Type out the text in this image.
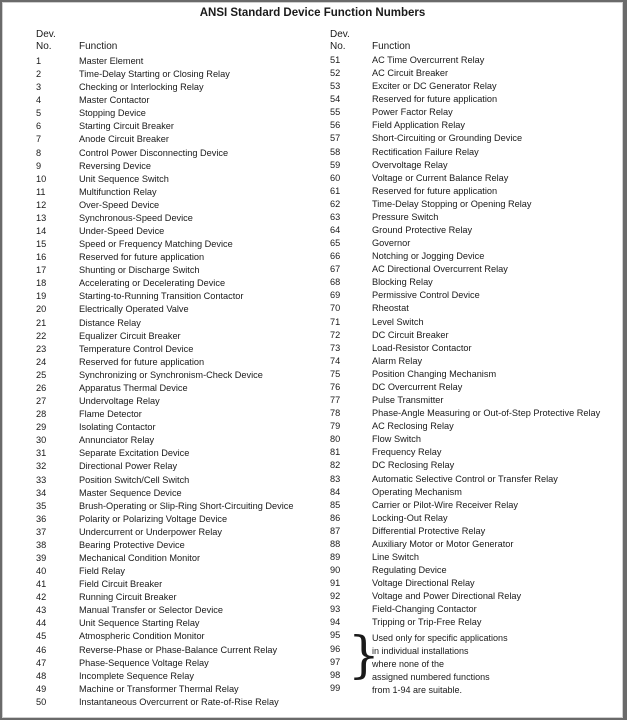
ANSI Standard Device Function Numbers
Dev.
No.	Function
1	Master Element
2	Time-Delay Starting or Closing Relay
3	Checking or Interlocking Relay
4	Master Contactor
5	Stopping Device
6	Starting Circuit Breaker
7	Anode Circuit Breaker
8	Control Power Disconnecting Device
9	Reversing Device
10	Unit Sequence Switch
11	Multifunction Relay
12	Over-Speed Device
13	Synchronous-Speed Device
14	Under-Speed Device
15	Speed or Frequency Matching Device
16	Reserved for future application
17	Shunting or Discharge Switch
18	Accelerating or Decelerating Device
19	Starting-to-Running Transition Contactor
20	Electrically Operated Valve
21	Distance Relay
22	Equalizer Circuit Breaker
23	Temperature Control Device
24	Reserved for future application
25	Synchronizing or Synchronism-Check Device
26	Apparatus Thermal Device
27	Undervoltage Relay
28	Flame Detector
29	Isolating Contactor
30	Annunciator Relay
31	Separate Excitation Device
32	Directional Power Relay
33	Position Switch/Cell Switch
34	Master Sequence Device
35	Brush-Operating or Slip-Ring Short-Circuiting Device
36	Polarity or Polarizing Voltage Device
37	Undercurrent or Underpower Relay
38	Bearing Protective Device
39	Mechanical Condition Monitor
40	Field Relay
41	Field Circuit Breaker
42	Running Circuit Breaker
43	Manual Transfer or Selector Device
44	Unit Sequence Starting Relay
45	Atmospheric Condition Monitor
46	Reverse-Phase or Phase-Balance Current Relay
47	Phase-Sequence Voltage Relay
48	Incomplete Sequence Relay
49	Machine or Transformer Thermal Relay
50	Instantaneous Overcurrent or Rate-of-Rise Relay
Dev.
No.	Function
51	AC Time Overcurrent Relay
52	AC Circuit Breaker
53	Exciter or DC Generator Relay
54	Reserved for future application
55	Power Factor Relay
56	Field Application Relay
57	Short-Circuiting or Grounding Device
58	Rectification Failure Relay
59	Overvoltage Relay
60	Voltage or Current Balance Relay
61	Reserved for future application
62	Time-Delay Stopping or Opening Relay
63	Pressure Switch
64	Ground Protective Relay
65	Governor
66	Notching or Jogging Device
67	AC Directional Overcurrent Relay
68	Blocking Relay
69	Permissive Control Device
70	Rheostat
71	Level Switch
72	DC Circuit Breaker
73	Load-Resistor Contactor
74	Alarm Relay
75	Position Changing Mechanism
76	DC Overcurrent Relay
77	Pulse Transmitter
78	Phase-Angle Measuring or Out-of-Step Protective Relay
79	AC Reclosing Relay
80	Flow Switch
81	Frequency Relay
82	DC Reclosing Relay
83	Automatic Selective Control or Transfer Relay
84	Operating Mechanism
85	Carrier or Pilot-Wire Receiver Relay
86	Locking-Out Relay
87	Differential Protective Relay
88	Auxiliary Motor or Motor Generator
89	Line Switch
90	Regulating Device
91	Voltage Directional Relay
92	Voltage and Power Directional Relay
93	Field-Changing Contactor
94	Tripping or Trip-Free Relay
95
96
97
98
99
}
Used only for specific applications
in individual installations
where none of the
assigned numbered functions
from 1-94 are suitable.
